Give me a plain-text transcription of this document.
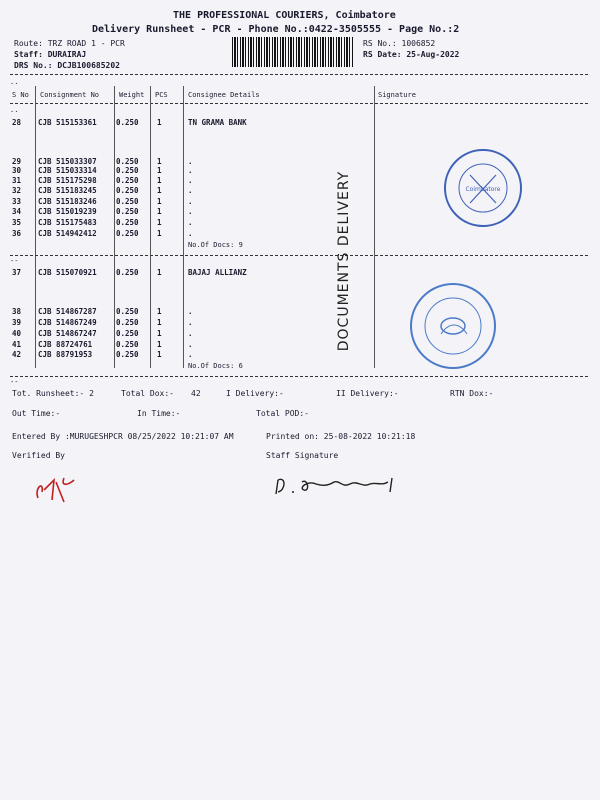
THE PROFESSIONAL COURIERS, Coimbatore
Delivery Runsheet - PCR - Phone No.:0422-3505555 - Page No.:2
Route: TRZ ROAD 1 - PCR
Staff: DURAIRAJ
DRS No.: DCJB100685202
RS No.: 1006852
RS Date: 25-Aug-2022
..
S No Consignment No	Weight PCS	Consignee Details	Signature
..
28 CJB 515153361	0.250 1	TN GRAMA BANK
29 CJB 515033307	0.250 1	.
30 CJB 515033314	0.250 1	.
31 CJB 515175298	0.250 1	.
32 CJB 515183245	0.250 1	.
33 CJB 515183246	0.250 1	.
34 CJB 515019239	0.250 1	.
35 CJB 515175483	0.250 1	.
36 CJB 514942412	0.250 1	.
No.Of Docs: 9
--
37 CJB 515070921	0.250 1	BAJAJ ALLIANZ
38 CJB 514867287	0.250 1	.
39 CJB 514867249	0.250 1	.
40 CJB 514867247	0.250 1	.
41 CJB 88724761	0.250 1	.
42 CJB 88791953	0.250 1	.
No.Of Docs: 6
DOCUMENTS DELIVERY	Coimbatore
--
Tot. Runsheet:- 2	Total Dox:- 42	I Delivery:-	II Delivery:-	RTN Dox:-
Out Time:-	In Time:-	Total POD:-
Entered By :MURUGESHPCR 08/25/2022 10:21:07 AM	Printed on: 25-08-2022 10:21:18
Verified By	Staff Signature
